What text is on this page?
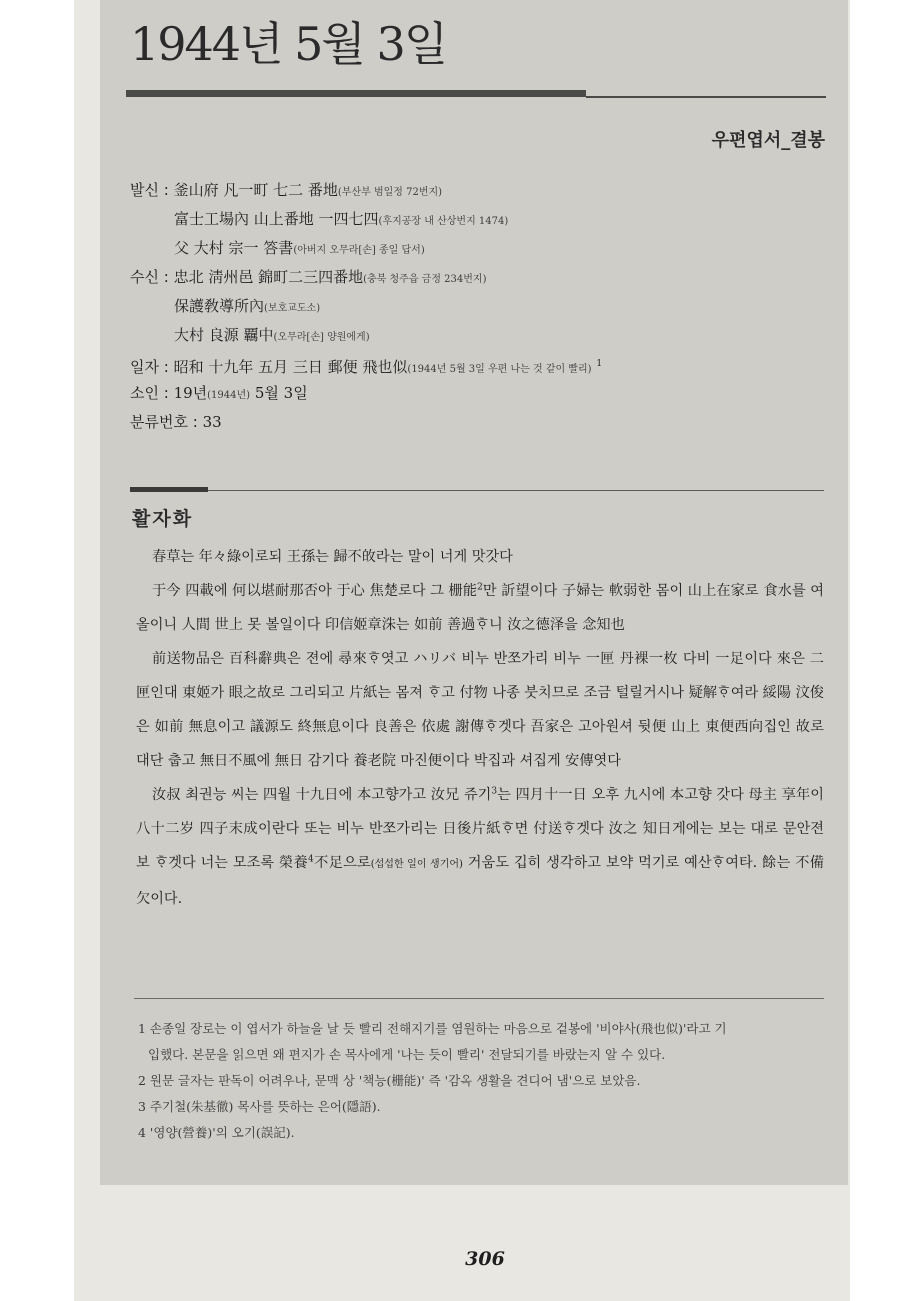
1944년 5월 3일
우편엽서_결봉
발신 : 釜山府 凡一町 七二 番地(부산부 범일정 72번지)
富士工場內 山上番地 一四七四(후지공장 내 산상번지 1474)
父 大村 宗一 答書(아버지 오무라[손] 종일 답서)
수신 : 忠北 淸州邑 錦町二三四番地(충북 청주읍 금정 234번지)
保護敎導所內(보호교도소)
大村 良源 覊中(오무라[손] 양원에게)
일자 : 昭和 十九年 五月 三日 郵便 飛也似(1944년 5월 3일 우편 나는 것 같이 빨리) $^1$
소인 : 19년(1944년) 5월 3일
분류번호 : 33
활자화

春草는 年々綠이로되 王孫는 歸不敀라는 말이 너게 맛갓다

于今 四載에 何以堪耐那否아 于心 焦楚로다 그 栅能$^2$만 訢望이다 子婦는 軟弱한 몸이 山上在家로 食水를 여올이니 人間 世上 못 볼일이다 印信姬章洙는 如前 善過ᄒᆞ니 汝之德泽을 念知也

前送物品은 百科辭典은 젼에 尋來ᄒᆞ엿고 ハリバ 비누 반쪼가리 비누 一匣 丹裸一枚 다비 一足이다 來은 二匣인대 東姬가 眼之故로 그리되고 片紙는 몸져 ᄒᆞ고 付物 나종 붓치므로 조금 털릴거시나 疑解ᄒᆞ여라 綏陽 汶俊은 如前 無息이고 議源도 終無息이다 良善은 依處 謝傳ᄒᆞ겟다 吾家은 고아원셔 뒷便 山上 東便西向집인 故로 대단 춥고 無日不風에 無日 감기다 養老院 마진便이다 박집과 셔집게 安傳엿다

汝叔 최권능 씨는 四월 十九日에 本고향가고 汝兄 쥬기$^3$는 四月十一日 오후 九시에 本고향 갓다 母主 享年이 八十二岁 四子末成이란다 또는 비누 반쪼가리는 日後片紙ᄒᆞ면 付送ᄒᆞ겟다 汝之 知日게에는 보는 대로 문안젼보 ᄒᆞ겟다 너는 모조록 榮養$^4$不足으로(섭섭한 일이 생기어) 거움도 깁히 생각하고 보약 먹기로 예산ᄒᆞ여타. 餘는 不備欠이다.

1 손종일 장로는 이 엽서가 하늘을 날 듯 빨리 전해지기를 염원하는 마음으로 겉봉에 '비야사(飛也似)'라고 기
입했다. 본문을 읽으면 왜 편지가 손 목사에게 '나는 듯이 빨리' 전달되기를 바랐는지 알 수 있다.
2 원문 글자는 판독이 어려우나, 문맥 상 '책능(栅能)' 즉 '감옥 생활을 견디어 냄'으로 보았음.
3 주기철(朱基徹) 목사를 뜻하는 은어(隱語).
4 '영양(營養)'의 오기(誤記).
306
